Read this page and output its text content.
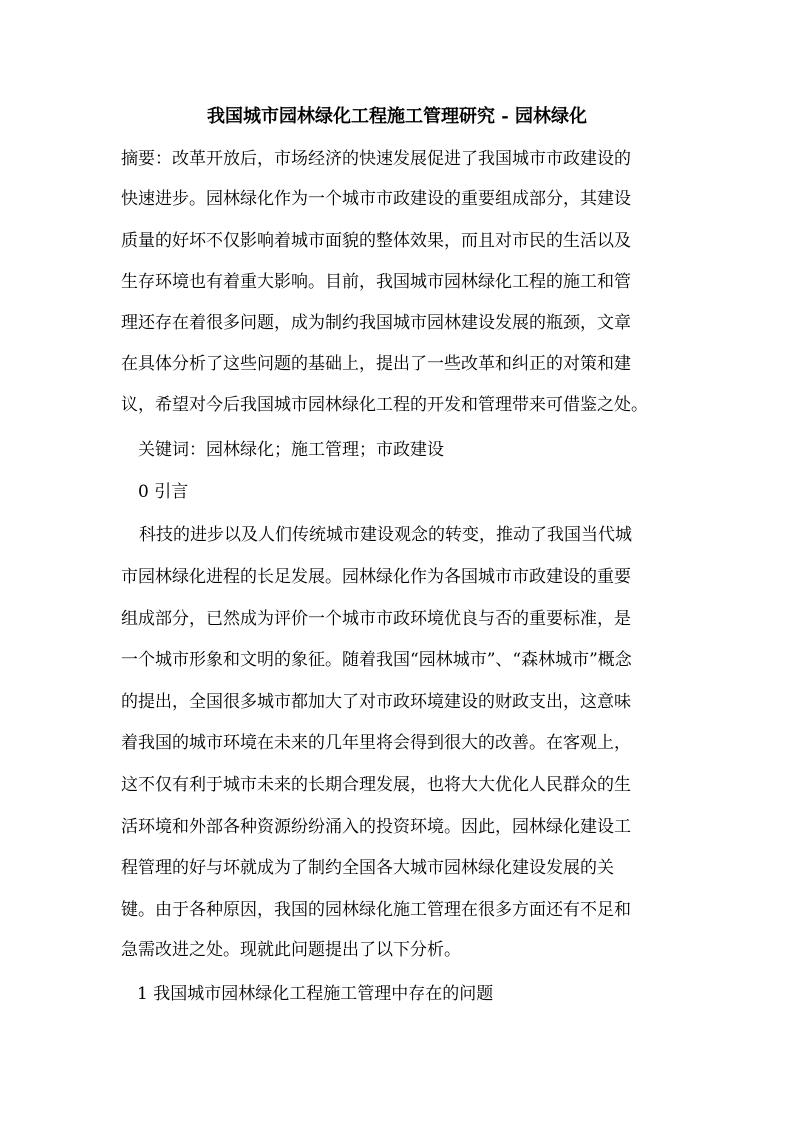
我国城市园林绿化工程施工管理研究 - 园林绿化
摘要：改革开放后，市场经济的快速发展促进了我国城市市政建设的
快速进步。园林绿化作为一个城市市政建设的重要组成部分，其建设
质量的好坏不仅影响着城市面貌的整体效果，而且对市民的生活以及
生存环境也有着重大影响。目前，我国城市园林绿化工程的施工和管
理还存在着很多问题，成为制约我国城市园林建设发展的瓶颈，文章
在具体分析了这些问题的基础上，提出了一些改革和纠正的对策和建
议，希望对今后我国城市园林绿化工程的开发和管理带来可借鉴之处。
关键词：园林绿化；施工管理；市政建设
0 引言
科技的进步以及人们传统城市建设观念的转变，推动了我国当代城
市园林绿化进程的长足发展。园林绿化作为各国城市市政建设的重要
组成部分，已然成为评价一个城市市政环境优良与否的重要标准，是
一个城市形象和文明的象征。随着我国“园林城市”、“森林城市”概念
的提出，全国很多城市都加大了对市政环境建设的财政支出，这意味
着我国的城市环境在未来的几年里将会得到很大的改善。在客观上，
这不仅有利于城市未来的长期合理发展，也将大大优化人民群众的生
活环境和外部各种资源纷纷涌入的投资环境。因此，园林绿化建设工
程管理的好与坏就成为了制约全国各大城市园林绿化建设发展的关
键。由于各种原因，我国的园林绿化施工管理在很多方面还有不足和
急需改进之处。现就此问题提出了以下分析。
1 我国城市园林绿化工程施工管理中存在的问题
